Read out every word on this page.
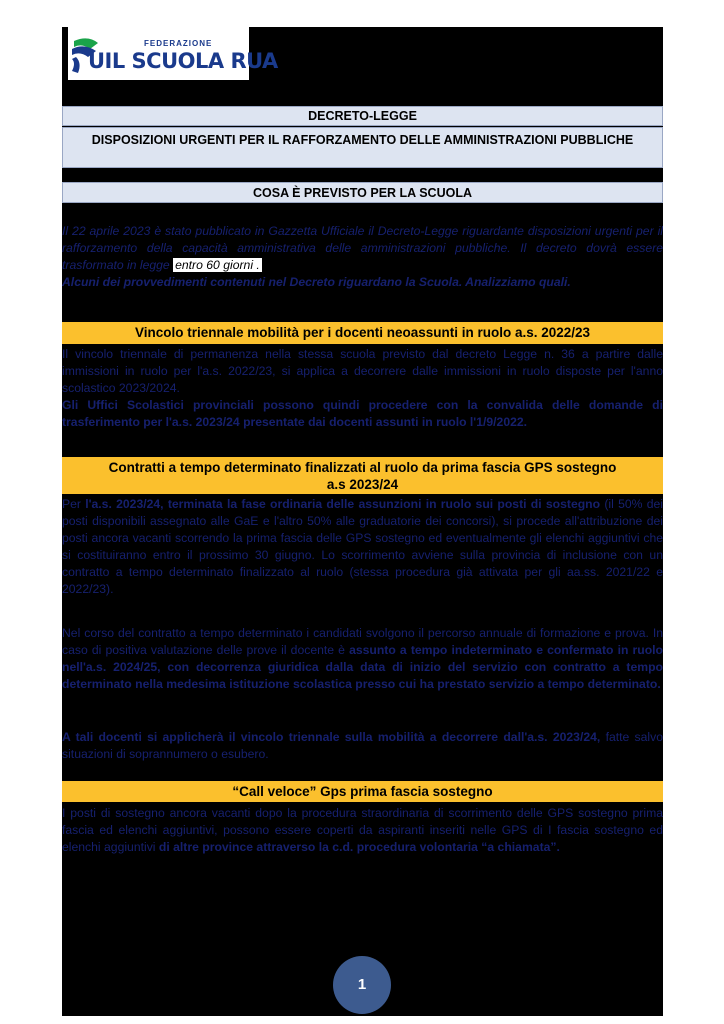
FEDERAZIONE
UIL SCUOLA RUA
DECRETO-LEGGE
DISPOSIZIONI URGENTI PER IL RAFFORZAMENTO DELLE AMMINISTRAZIONI PUBBLICHE
COSA È PREVISTO PER LA SCUOLA
Il 22 aprile 2023 è stato pubblicato in Gazzetta Ufficiale il Decreto-Legge riguardante disposizioni urgenti per il rafforzamento della capacità amministrativa delle amministrazioni pubbliche. Il decreto dovrà essere trasformato in legge entro 60 giorni .
Alcuni dei provvedimenti contenuti nel Decreto riguardano la Scuola. Analizziamo quali.
Vincolo triennale mobilità per i docenti neoassunti in ruolo a.s. 2022/23
Il vincolo triennale di permanenza nella stessa scuola previsto dal decreto Legge n. 36 a partire dalle immissioni in ruolo per l'a.s. 2022/23, si applica a decorrere dalle immissioni in ruolo disposte per l'anno scolastico 2023/2024.
Gli Uffici Scolastici provinciali possono quindi procedere con la convalida delle domande di trasferimento per l'a.s. 2023/24 presentate dai docenti assunti in ruolo l'1/9/2022.
Contratti a tempo determinato finalizzati al ruolo da prima fascia GPS sostegno
a.s 2023/24
Per l'a.s. 2023/24, terminata la fase ordinaria delle assunzioni in ruolo sui posti di sostegno (il 50% dei posti disponibili assegnato alle GaE e l'altro 50% alle graduatorie dei concorsi), si procede all'attribuzione dei posti ancora vacanti scorrendo la prima fascia delle GPS sostegno ed eventualmente gli elenchi aggiuntivi che si costituiranno entro il prossimo 30 giugno. Lo scorrimento avviene sulla provincia di inclusione con un contratto a tempo determinato finalizzato al ruolo (stessa procedura già attivata per gli aa.ss. 2021/22 e 2022/23).
Nel corso del contratto a tempo determinato i candidati svolgono il percorso annuale di formazione e prova. In caso di positiva valutazione delle prove il docente è assunto a tempo indeterminato e confermato in ruolo nell'a.s. 2024/25, con decorrenza giuridica dalla data di inizio del servizio con contratto a tempo determinato nella medesima istituzione scolastica presso cui ha prestato servizio a tempo determinato.
A tali docenti si applicherà il vincolo triennale sulla mobilità a decorrere dall'a.s. 2023/24, fatte salvo situazioni di soprannumero o esubero.
“Call veloce” Gps prima fascia sostegno
I posti di sostegno ancora vacanti dopo la procedura straordinaria di scorrimento delle GPS sostegno prima fascia ed elenchi aggiuntivi, possono essere coperti da aspiranti inseriti nelle GPS di I fascia sostegno ed elenchi aggiuntivi di altre province attraverso la c.d. procedura volontaria “a chiamata”.
1
